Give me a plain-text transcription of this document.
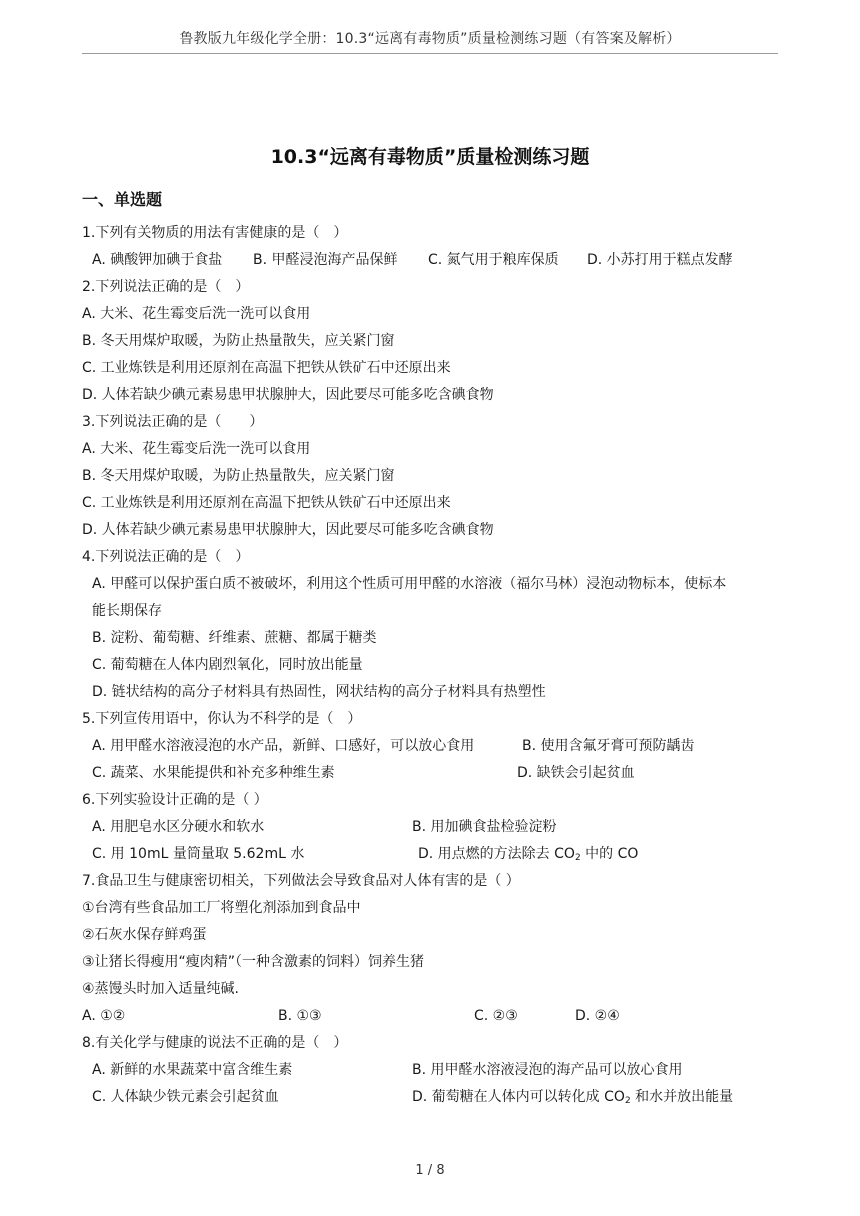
鲁教版九年级化学全册：10.3“远离有毒物质”质量检测练习题（有答案及解析）
10.3“远离有毒物质”质量检测练习题
一、单选题
1.下列有关物质的用法有害健康的是（　）
A. 碘酸钾加碘于食盐 B. 甲醛浸泡海产品保鲜 C. 氮气用于粮库保质 D. 小苏打用于糕点发酵
2.下列说法正确的是（　）
A. 大米、花生霉变后洗一洗可以食用
B. 冬天用煤炉取暖，为防止热量散失，应关紧门窗
C. 工业炼铁是利用还原剂在高温下把铁从铁矿石中还原出来
D. 人体若缺少碘元素易患甲状腺肿大，因此要尽可能多吃含碘食物
3.下列说法正确的是（　　）
A. 大米、花生霉变后洗一洗可以食用
B. 冬天用煤炉取暖，为防止热量散失，应关紧门窗
C. 工业炼铁是利用还原剂在高温下把铁从铁矿石中还原出来
D. 人体若缺少碘元素易患甲状腺肿大，因此要尽可能多吃含碘食物
4.下列说法正确的是（　）
A. 甲醛可以保护蛋白质不被破坏，利用这个性质可用甲醛的水溶液（福尔马林）浸泡动物标本，使标本
能长期保存
B. 淀粉、葡萄糖、纤维素、蔗糖、都属于糖类
C. 葡萄糖在人体内剧烈氧化，同时放出能量
D. 链状结构的高分子材料具有热固性，网状结构的高分子材料具有热塑性
5.下列宣传用语中，你认为不科学的是（　）
A. 用甲醛水溶液浸泡的水产品，新鲜、口感好，可以放心食用	B. 使用含氟牙膏可预防龋齿
C. 蔬菜、水果能提供和补充多种维生素	D. 缺铁会引起贫血
6.下列实验设计正确的是（ ）
A. 用肥皂水区分硬水和软水	B. 用加碘食盐检验淀粉
C. 用 10mL 量筒量取 5.62mL 水	D. 用点燃的方法除去 $CO_2$ 中的 CO
7.食品卫生与健康密切相关，下列做法会导致食品对人体有害的是（ ）
①台湾有些食品加工厂将塑化剂添加到食品中
②石灰水保存鲜鸡蛋
③让猪长得瘦用“瘦肉精”（一种含激素的饲料）饲养生猪
④蒸馒头时加入适量纯碱.
A. ①②	B. ①③	C. ②③	D. ②④
8.有关化学与健康的说法不正确的是（　）
A. 新鲜的水果蔬菜中富含维生素	B. 用甲醛水溶液浸泡的海产品可以放心食用
C. 人体缺少铁元素会引起贫血	D. 葡萄糖在人体内可以转化成 $CO_2$ 和水并放出能量
1 / 8
